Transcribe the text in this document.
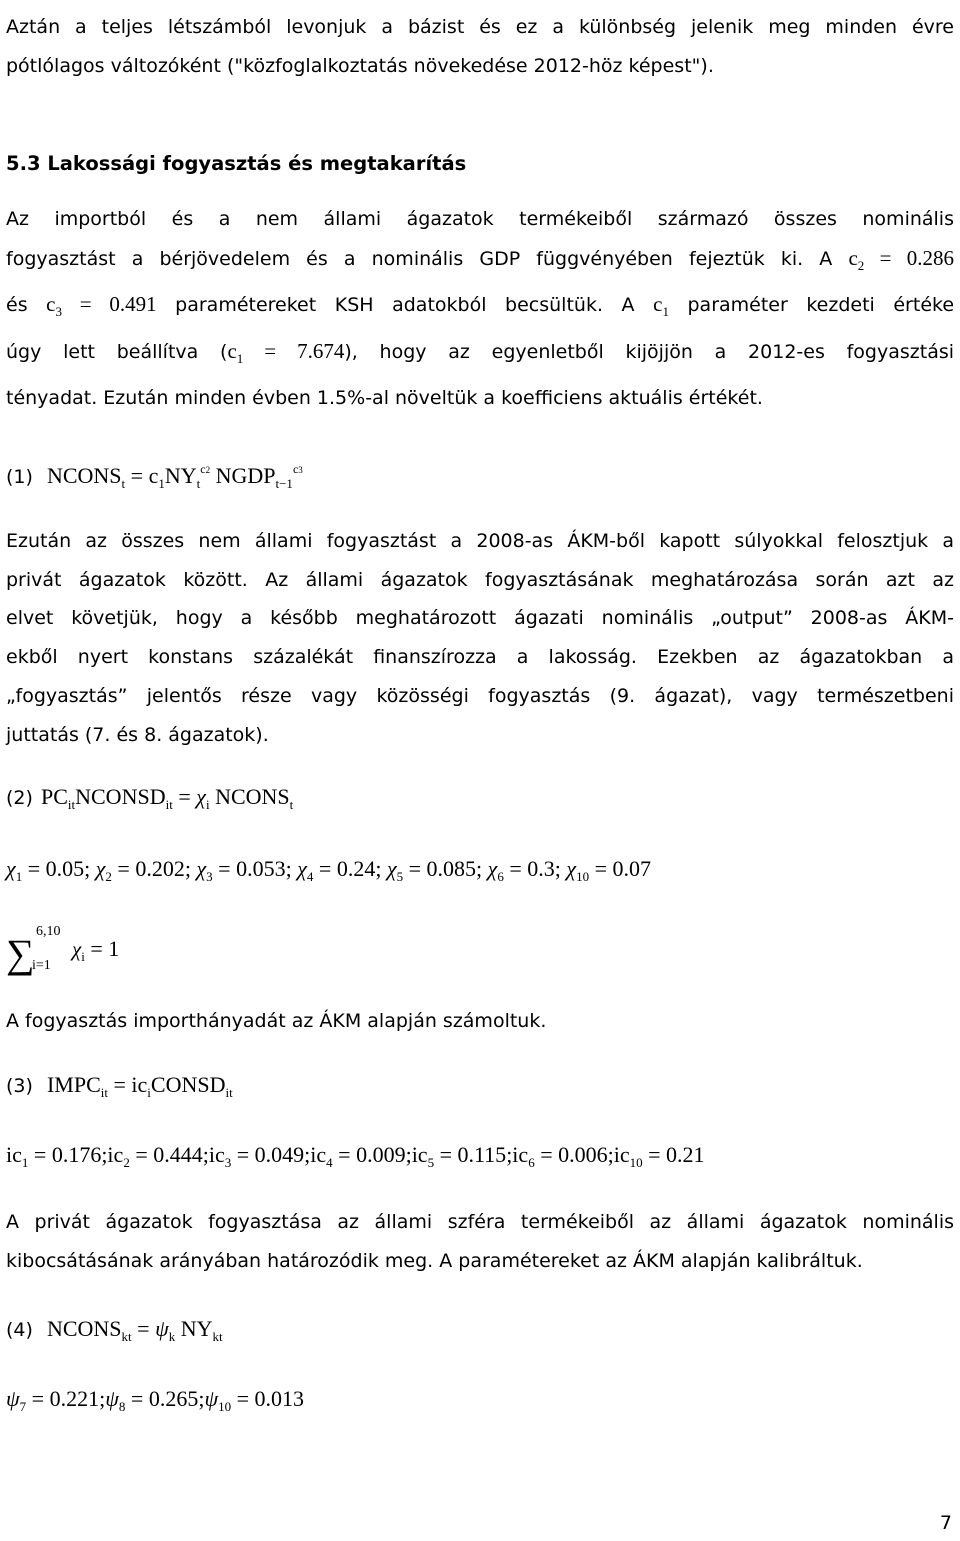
Aztán a teljes létszámból levonjuk a bázist és ez a különbség jelenik meg minden évre
pótlólagos változóként ("közfoglalkoztatás növekedése 2012-höz képest").
5.3 Lakossági fogyasztás és megtakarítás
Az importból és a nem állami ágazatok termékeiből származó összes nominális
fogyasztást a bérjövedelem és a nominális GDP függvényében fejeztük ki. A $c_2 = 0.286$
és $c_3 = 0.491$ paramétereket KSH adatokból becsültük. A $c_1$ paraméter kezdeti értéke
úgy lett beállítva $(c_1 = 7.674)$, hogy az egyenletből kijöjjön a 2012-es fogyasztási
tényadat. Ezután minden évben 1.5%-al növeltük a koefficiens aktuális értékét.
(1) $NCONS_t = c_1NY_t^{c2}$ $NGDP_{t-1}^{c3}$
Ezután az összes nem állami fogyasztást a 2008-as ÁKM-ből kapott súlyokkal felosztjuk a
privát ágazatok között. Az állami ágazatok fogyasztásának meghatározása során azt az
elvet követjük, hogy a később meghatározott ágazati nominális „output” 2008-as ÁKM-
ekből nyert konstans százalékát finanszírozza a lakosság. Ezekben az ágazatokban a
„fogyasztás” jelentős része vagy közösségi fogyasztás (9. ágazat), vagy természetbeni
juttatás (7. és 8. ágazatok).
(2) $PC_{it}NCONSD_{it} = \chi_i$ $NCONS_t$
$\chi_1 = 0.05$; $\chi_2 = 0.202$; $\chi_3 = 0.053$; $\chi_4 = 0.24$; $\chi_5 = 0.085$; $\chi_6 = 0.3$; $\chi_{10} = 0.07$
6,10
∑
i=1
$\chi_i = 1$
A fogyasztás importhányadát az ÁKM alapján számoltuk.
(3) $IMPC_{it}$ = $ic_iCONSD_{it}$
$ic_1$ = $0.176;ic_2$ = $0.444;ic_3$ = $0.049;ic_4$ = $0.009;ic_5$ = $0.115;ic_6$ = $0.006;ic_{10} = 0.21$
A privát ágazatok fogyasztása az állami szféra termékeiből az állami ágazatok nominális
kibocsátásának arányában határozódik meg. A paramétereket az ÁKM alapján kalibráltuk.
(4) $NCONS_{kt} = \psi_k$ $NY_{kt}$
$\psi_7$ = $0.221;\psi_8$ = $0.265;\psi_{10} = 0.013$
7
